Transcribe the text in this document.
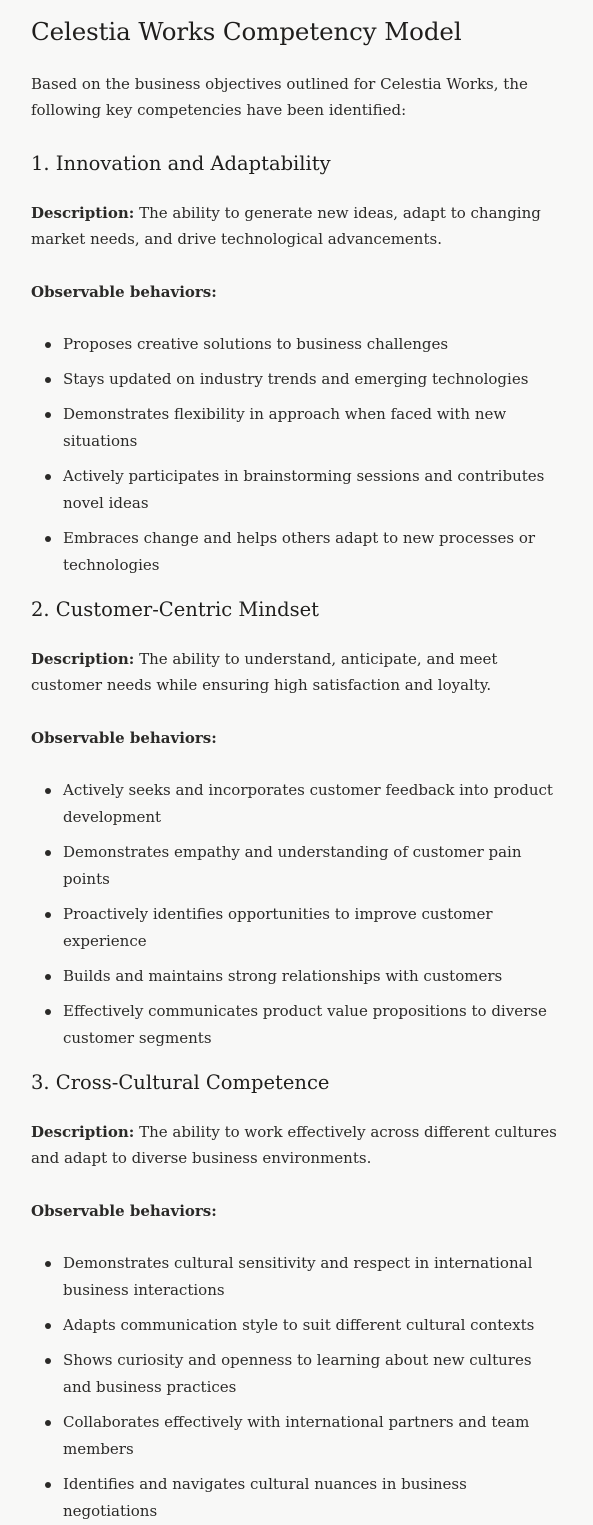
Celestia Works Competency Model

Based on the business objectives outlined for Celestia Works, the following key competencies have been identified:

1. Innovation and Adaptability

Description: The ability to generate new ideas, adapt to changing market needs, and drive technological advancements.

Observable behaviors:

Proposes creative solutions to business challenges
Stays updated on industry trends and emerging technologies
Demonstrates flexibility in approach when faced with new situations
Actively participates in brainstorming sessions and contributes novel ideas
Embraces change and helps others adapt to new processes or technologies
2. Customer-Centric Mindset

Description: The ability to understand, anticipate, and meet customer needs while ensuring high satisfaction and loyalty.

Observable behaviors:

Actively seeks and incorporates customer feedback into product development
Demonstrates empathy and understanding of customer pain points
Proactively identifies opportunities to improve customer experience
Builds and maintains strong relationships with customers
Effectively communicates product value propositions to diverse customer segments
3. Cross-Cultural Competence

Description: The ability to work effectively across different cultures and adapt to diverse business environments.

Observable behaviors:

Demonstrates cultural sensitivity and respect in international business interactions
Adapts communication style to suit different cultural contexts
Shows curiosity and openness to learning about new cultures and business practices
Collaborates effectively with international partners and team members
Identifies and navigates cultural nuances in business negotiations
